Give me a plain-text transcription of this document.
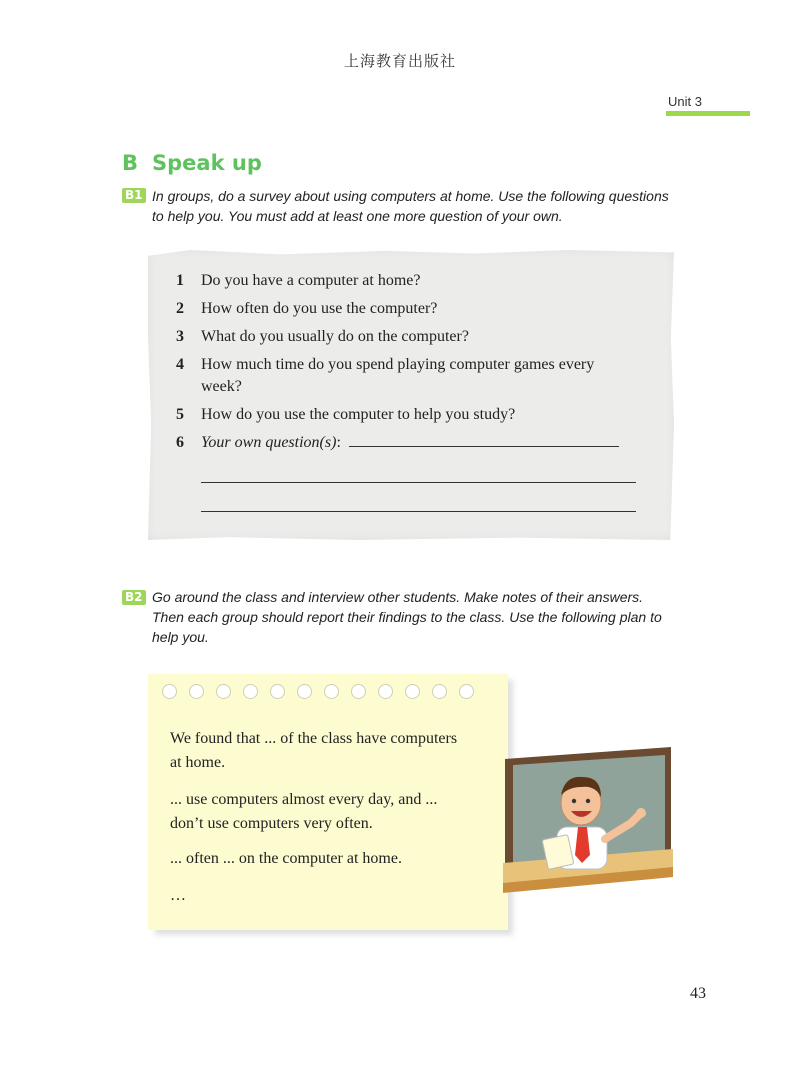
上海教育出版社
Unit 3
B Speak up
B1 In groups, do a survey about using computers at home. Use the following questions
to help you. You must add at least one more question of your own.
1 Do you have a computer at home?
2 How often do you use the computer?
3 What do you usually do on the computer?
4 How much time do you spend playing computer games every
week?
5 How do you use the computer to help you study?
6 Your own question(s):
B2 Go around the class and interview other students. Make notes of their answers.
Then each group should report their findings to the class. Use the following plan to
help you.
We found that ... of the class have computers
at home.
... use computers almost every day, and ...
don’t use computers very often.
... often ... on the computer at home.
…
43
